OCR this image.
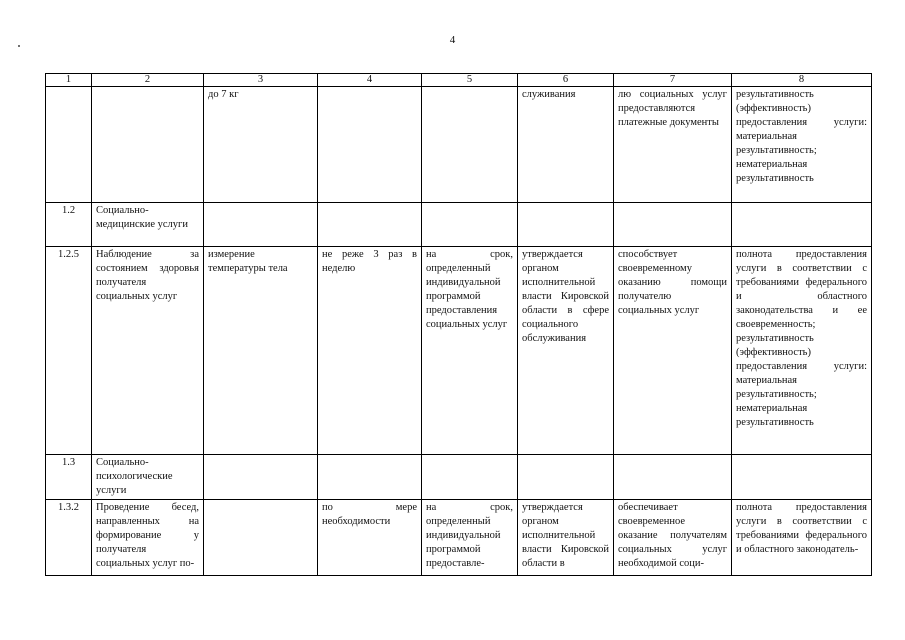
4
1	2	3	4	5	6	7	8

		до 7 кг			служивания	лю социальных услуг предоставляются платежные документы	результативность (эффективность) предоставления услуги: материальная результативность; нематериальная результативность

1.2	Социально-медицинские услуги						

1.2.5	Наблюдение за состоянием здоровья получателя социальных услуг	измерение температуры тела	не реже 3 раз в неделю	на срок, определенный индивидуальной программой предоставления социальных услуг	утверждается органом исполнительной власти Кировской области в сфере социального обслуживания	способствует своевременному оказанию помощи получателю социальных услуг	полнота предоставления услуги в соответствии с требованиями федерального и областного законодательства и ее своевременность; результативность (эффективность) предоставления услуги: материальная результативность; нематериальная результативность

1.3	Социально-психологические услуги						

1.3.2	Проведение бесед, направленных на формирование у получателя социальных услуг по-		по мере необходимости	на срок, определенный индивидуальной программой предоставле-	утверждается органом исполнительной власти Кировской области в	обеспечивает своевременное оказание получателям социальных услуг необходимой соци-	полнота предоставления услуги в соответствии с требованиями федерального и областного законодатель-
